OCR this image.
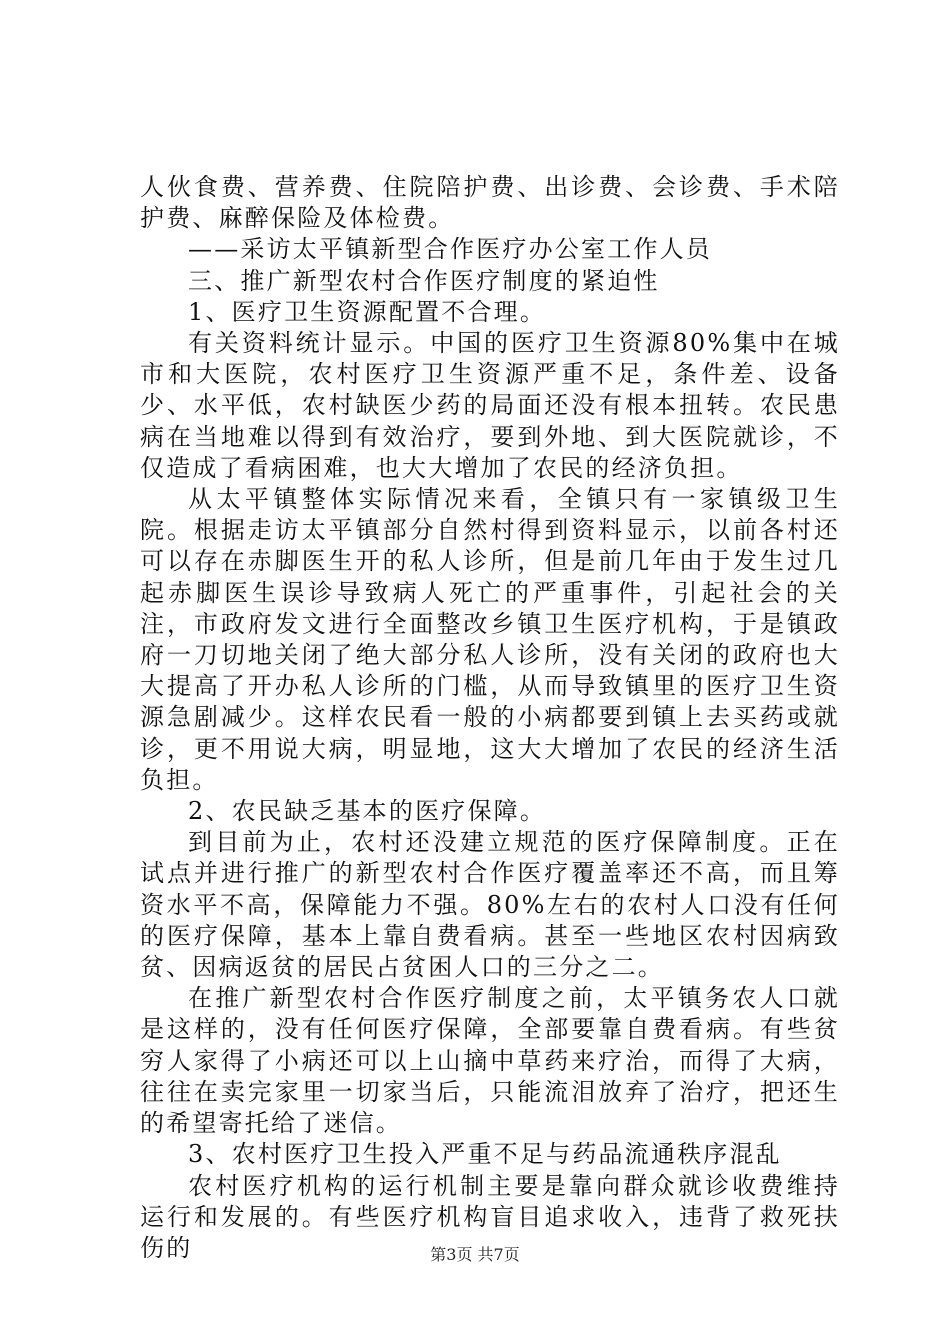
人伙食费、营养费、住院陪护费、出诊费、会诊费、手术陪护费、麻醉保险及体检费。

——采访太平镇新型合作医疗办公室工作人员

三、推广新型农村合作医疗制度的紧迫性

1、医疗卫生资源配置不合理。

有关资料统计显示。中国的医疗卫生资源80%集中在城市和大医院，农村医疗卫生资源严重不足，条件差、设备少、水平低，农村缺医少药的局面还没有根本扭转。农民患病在当地难以得到有效治疗，要到外地、到大医院就诊，不仅造成了看病困难，也大大增加了农民的经济负担。

从太平镇整体实际情况来看，全镇只有一家镇级卫生院。根据走访太平镇部分自然村得到资料显示，以前各村还可以存在赤脚医生开的私人诊所，但是前几年由于发生过几起赤脚医生误诊导致病人死亡的严重事件，引起社会的关注，市政府发文进行全面整改乡镇卫生医疗机构，于是镇政府一刀切地关闭了绝大部分私人诊所，没有关闭的政府也大大提高了开办私人诊所的门槛，从而导致镇里的医疗卫生资源急剧减少。这样农民看一般的小病都要到镇上去买药或就诊，更不用说大病，明显地，这大大增加了农民的经济生活负担。

2、农民缺乏基本的医疗保障。

到目前为止，农村还没建立规范的医疗保障制度。正在试点并进行推广的新型农村合作医疗覆盖率还不高，而且筹资水平不高，保障能力不强。80%左右的农村人口没有任何的医疗保障，基本上靠自费看病。甚至一些地区农村因病致贫、因病返贫的居民占贫困人口的三分之二。

在推广新型农村合作医疗制度之前，太平镇务农人口就是这样的，没有任何医疗保障，全部要靠自费看病。有些贫穷人家得了小病还可以上山摘中草药来疗治，而得了大病，往往在卖完家里一切家当后，只能流泪放弃了治疗，把还生的希望寄托给了迷信。

3、农村医疗卫生投入严重不足与药品流通秩序混乱

农村医疗机构的运行机制主要是靠向群众就诊收费维持运行和发展的。有些医疗机构盲目追求收入，违背了救死扶伤的	第3页 共7页
